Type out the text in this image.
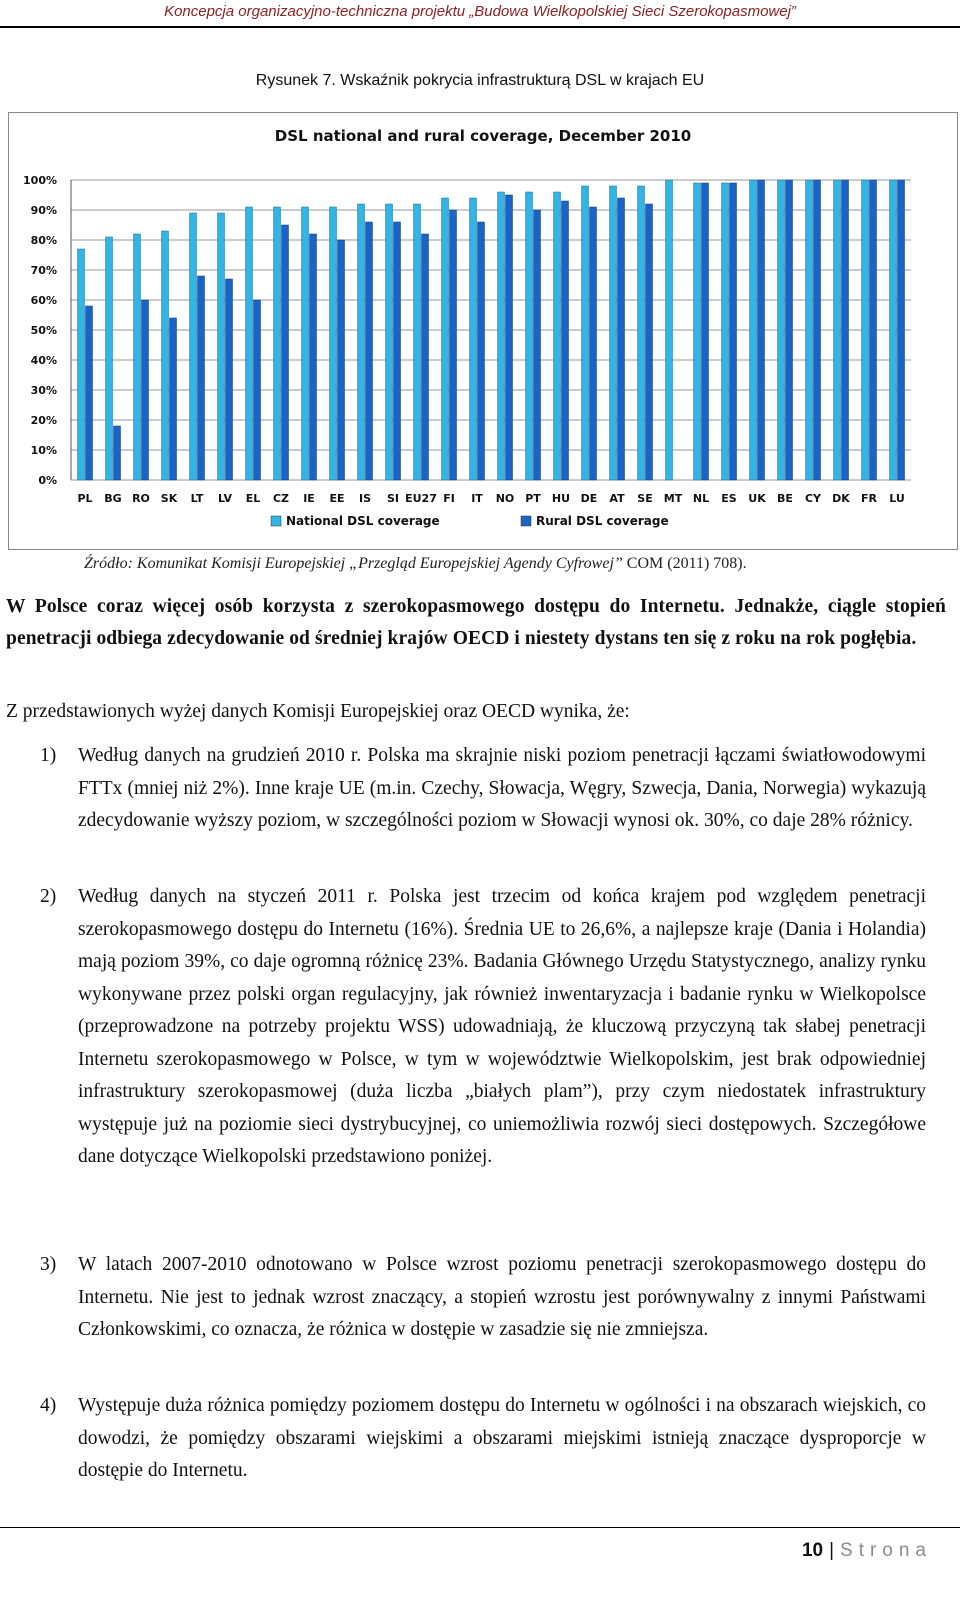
Koncepcja organizacyjno-techniczna projektu „Budowa Wielkopolskiej Sieci Szerokopasmowej”
Rysunek 7. Wskaźnik pokrycia infrastrukturą DSL w krajach EU
DSL national and rural coverage, December 2010
0%
10%
20%
30%
40%
50%
60%
70%
80%
90%
100%
PL BG RO SK LT LV EL CZ IE EE IS SI EU27 FI IT NO PT HU DE AT SE MT NL ES UK BE CY DK FR LU
National DSL coverage	Rural DSL coverage
Źródło: Komunikat Komisji Europejskiej „Przegląd Europejskiej Agendy Cyfrowej” COM (2011) 708).
W Polsce coraz więcej osób korzysta z szerokopasmowego dostępu do Internetu. Jednakże, ciągle stopień penetracji odbiega zdecydowanie od średniej krajów OECD i niestety dystans ten się z roku na rok pogłębia.
Z przedstawionych wyżej danych Komisji Europejskiej oraz OECD wynika, że:
1) Według danych na grudzień 2010 r. Polska ma skrajnie niski poziom penetracji łączami światłowodowymi FTTx (mniej niż 2%). Inne kraje UE (m.in. Czechy, Słowacja, Węgry, Szwecja, Dania, Norwegia) wykazują zdecydowanie wyższy poziom, w szczególności poziom w Słowacji wynosi ok. 30%, co daje 28% różnicy.
2) Według danych na styczeń 2011 r. Polska jest trzecim od końca krajem pod względem penetracji szerokopasmowego dostępu do Internetu (16%). Średnia UE to 26,6%, a najlepsze kraje (Dania i Holandia) mają poziom 39%, co daje ogromną różnicę 23%. Badania Głównego Urzędu Statystycznego, analizy rynku wykonywane przez polski organ regulacyjny, jak również inwentaryzacja i badanie rynku w Wielkopolsce (przeprowadzone na potrzeby projektu WSS) udowadniają, że kluczową przyczyną tak słabej penetracji Internetu szerokopasmowego w Polsce, w tym w województwie Wielkopolskim, jest brak odpowiedniej infrastruktury szerokopasmowej (duża liczba „białych plam”), przy czym niedostatek infrastruktury występuje już na poziomie sieci dystrybucyjnej, co uniemożliwia rozwój sieci dostępowych. Szczegółowe dane dotyczące Wielkopolski przedstawiono poniżej.
3) W latach 2007-2010 odnotowano w Polsce wzrost poziomu penetracji szerokopasmowego dostępu do Internetu. Nie jest to jednak wzrost znaczący, a stopień wzrostu jest porównywalny z innymi Państwami Członkowskimi, co oznacza, że różnica w dostępie w zasadzie się nie zmniejsza.
4) Występuje duża różnica pomiędzy poziomem dostępu do Internetu w ogólności i na obszarach wiejskich, co dowodzi, że pomiędzy obszarami wiejskimi a obszarami miejskimi istnieją znaczące dysproporcje w dostępie do Internetu.
10 | Strona
